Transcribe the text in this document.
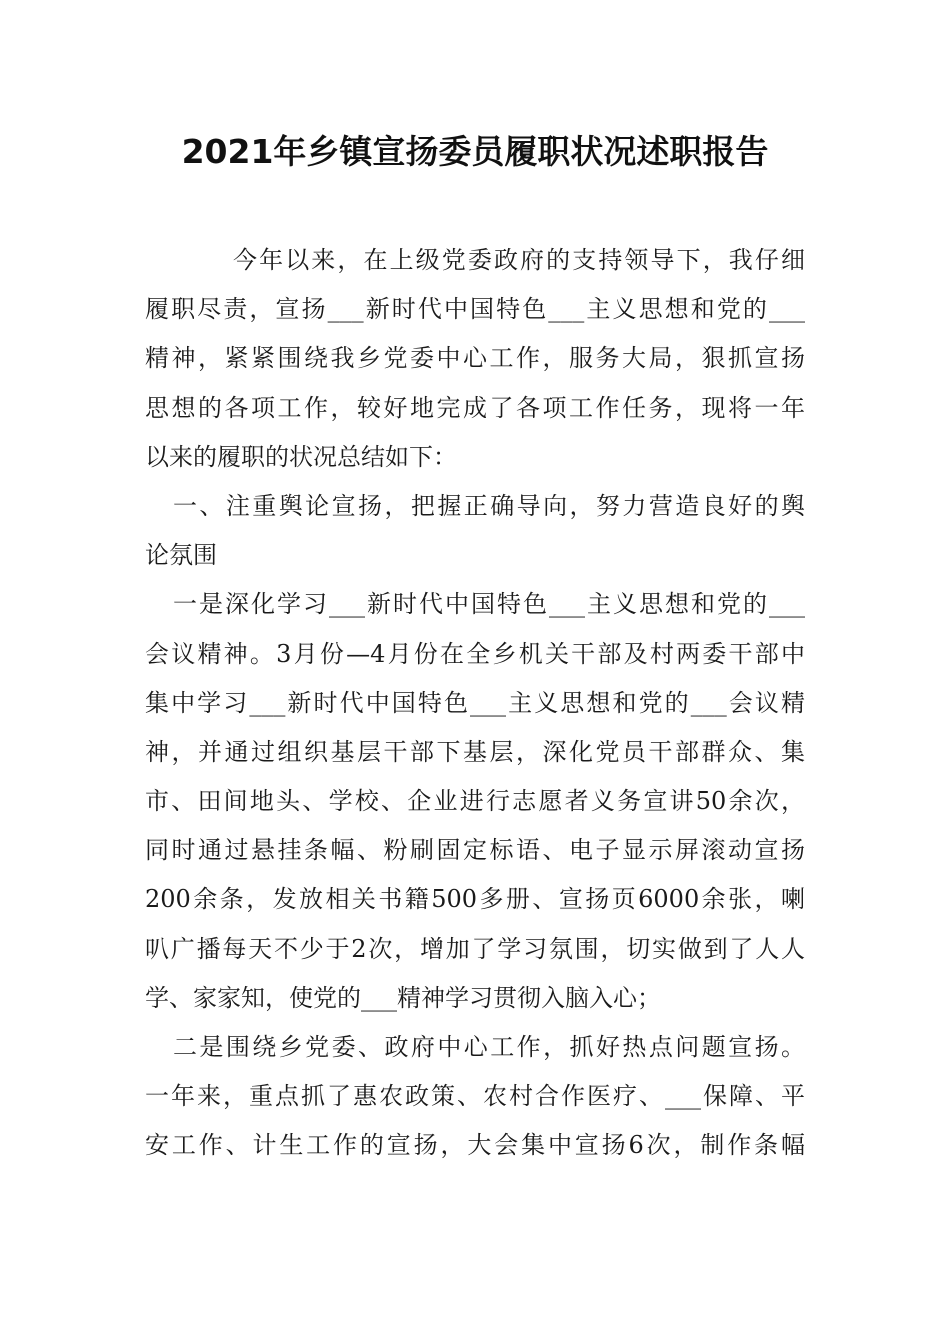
2021年乡镇宣扬委员履职状况述职报告
今年以来，在上级党委政府的支持领导下，我仔细
履职尽责，宣扬___新时代中国特色___主义思想和党的___
精神，紧紧围绕我乡党委中心工作，服务大局，狠抓宣扬
思想的各项工作，较好地完成了各项工作任务，现将一年
以来的履职的状况总结如下：
一、注重舆论宣扬，把握正确导向，努力营造良好的舆
论氛围
一是深化学习___新时代中国特色___主义思想和党的___
会议精神。3月份—4月份在全乡机关干部及村两委干部中
集中学习___新时代中国特色___主义思想和党的___会议精
神，并通过组织基层干部下基层，深化党员干部群众、集
市、田间地头、学校、企业进行志愿者义务宣讲50余次，
同时通过悬挂条幅、粉刷固定标语、电子显示屏滚动宣扬
200余条，发放相关书籍500多册、宣扬页6000余张，喇
叭广播每天不少于2次，增加了学习氛围，切实做到了人人
学、家家知，使党的___精神学习贯彻入脑入心；
二是围绕乡党委、政府中心工作，抓好热点问题宣扬。
一年来，重点抓了惠农政策、农村合作医疗、___保障、平
安工作、计生工作的宣扬，大会集中宣扬6次，制作条幅
